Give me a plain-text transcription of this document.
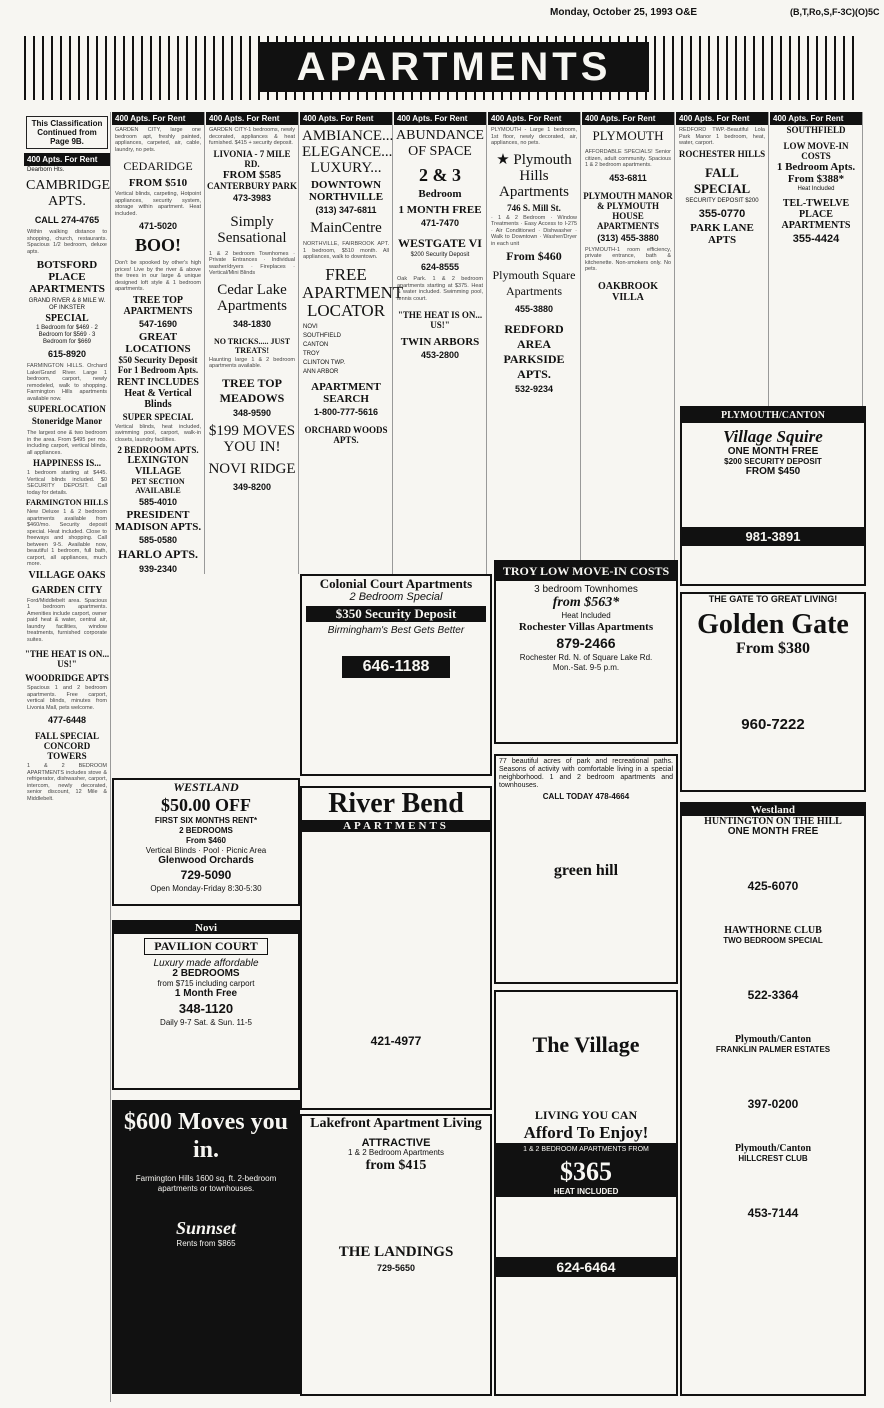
Monday, October 25, 1993 O&E	(B,T,Ro,S,F-3C)(O)5C
APARTMENTS
This Classification Continued from Page 9B.
400 Apts. For Rent
Dearborn Hts.
CAMBRIDGE APTS.
CALL 274-4765
Within walking distance to shopping, church, restaurants. Spacious 1/2 bedroom, deluxe apts.
BOTSFORD PLACE APARTMENTS
GRAND RIVER & 8 MILE W. OF INKSTER
SPECIAL
1 Bedroom for $469 · 2 Bedroom for $569 · 3 Bedroom for $669
615-8920
FARMINGTON HILLS. Orchard Lake/Grand River. Large 1 bedroom, carport, newly remodeled, walk to shopping. Farmington Hills apartments available now.
SUPERLOCATION
Stoneridge Manor
The largest one & two bedroom in the area. From $495 per mo. including carport, vertical blinds, all appliances.
HAPPINESS IS...
1 bedroom starting at $445. Vertical blinds included. $0 SECURITY DEPOSIT. Call today for details.
FARMINGTON HILLS
New Deluxe 1 & 2 bedroom apartments available from $460/mo. Security deposit special. Heat included. Close to freeways and shopping. Call between 9-5. Available now, beautiful 1 bedroom, full bath, carport, all appliances, much more.
VILLAGE OAKS
GARDEN CITY
Ford/Middlebelt area. Spacious 1 bedroom apartments. Amenities include carport, owner paid heat & water, central air, laundry facilities, window treatments, furnished corporate suites.
"THE HEAT IS ON... US!"
WOODRIDGE APTS
Spacious 1 and 2 bedroom apartments. Free carport, vertical blinds, minutes from Livonia Mall, pets welcome.
477-6448
FALL SPECIAL
CONCORD TOWERS
1 & 2 BEDROOM APARTMENTS includes stove & refrigerator, dishwasher, carport, intercom, newly decorated, senior discount, 12 Mile & Middlebelt.
400 Apts. For Rent
GARDEN CITY, large one bedroom apt, freshly painted, appliances, carpeted, air, cable, laundry, no pets.
CEDARIDGE
FROM $510
Vertical blinds, carpeting, Hotpoint appliances, security system, storage within apartment. Heat included.
471-5020
BOO!
Don't be spooked by other's high prices! Live by the river & above the trees in our large & unique designed loft style & 1 bedroom apartments.
TREE TOP APARTMENTS
547-1690
GREAT LOCATIONS
$50 Security Deposit
For 1 Bedroom Apts.
RENT INCLUDES Heat & Vertical Blinds
SUPER SPECIAL
Vertical blinds, heat included, swimming pool, carport, walk-in closets, laundry facilities.
2 BEDROOM APTS.
LEXINGTON VILLAGE
PET SECTION AVAILABLE
585-4010
PRESIDENT MADISON APTS.
585-0580
HARLO APTS.
939-2340
400 Apts. For Rent
GARDEN CITY-1 bedrooms, newly decorated, appliances & heat furnished. $415 + security deposit.
LIVONIA - 7 MILE RD.
FROM $585
CANTERBURY PARK
473-3983
Simply Sensational
1 & 2 bedroom Townhomes · Private Entrances · Individual washer/dryers · Fireplaces · Vertical/Mini Blinds
Cedar Lake Apartments
348-1830
NO TRICKS..... JUST TREATS!
Haunting large 1 & 2 bedroom apartments available.
TREE TOP MEADOWS
348-9590
$199 MOVES YOU IN!
NOVI RIDGE
349-8200
400 Apts. For Rent
AMBIANCE... ELEGANCE... LUXURY...
DOWNTOWN NORTHVILLE
(313) 347-6811
MainCentre
NORTHVILLE, FAIRBROOK APT. 1 bedroom, $510 month. All appliances, walk to downtown.
FREE APARTMENT LOCATOR
NOVI
SOUTHFIELD
CANTON
TROY
CLINTON TWP.
ANN ARBOR
APARTMENT SEARCH
1-800-777-5616
ORCHARD WOODS APTS.
400 Apts. For Rent
ABUNDANCE OF SPACE
2 & 3
Bedroom
1 MONTH FREE
471-7470
WESTGATE VI
$200 Security Deposit
624-8555
Oak Park. 1 & 2 bedroom apartments starting at $375. Heat & water included. Swimming pool, tennis court.
"THE HEAT IS ON... US!"
TWIN ARBORS
453-2800
400 Apts. For Rent
PLYMOUTH - Large 1 bedroom, 1st floor, newly decorated, air, appliances, no pets.
★ Plymouth Hills Apartments
746 S. Mill St.
· 1 & 2 Bedroom · Window Treatments · Easy Access to I-275 · Air Conditioned · Dishwasher · Walk to Downtown · Washer/Dryer in each unit
From $460
Plymouth Square Apartments
455-3880
REDFORD AREA
PARKSIDE APTS.
532-9234
400 Apts. For Rent
PLYMOUTH
AFFORDABLE SPECIALS! Senior citizen, adult community. Spacious 1 & 2 bedroom apartments.
453-6811
PLYMOUTH MANOR & PLYMOUTH HOUSE APARTMENTS
(313) 455-3880
PLYMOUTH-1 room efficiency, private entrance, bath & kitchenette. Non-smokers only. No pets.
OAKBROOK VILLA
400 Apts. For Rent
REDFORD TWP.-Beautiful Lola Park Manor 1 bedroom, heat, water, carport.
ROCHESTER HILLS
FALL SPECIAL
SECURITY DEPOSIT $200
355-0770
PARK LANE APTS
400 Apts. For Rent
SOUTHFIELD
LOW MOVE-IN COSTS
1 Bedroom Apts. From $388*
Heat Included
TEL-TWELVE PLACE APARTMENTS
355-4424
WESTLAND
$50.00 OFF
FIRST SIX MONTHS RENT*
2 BEDROOMS
From $460
Vertical Blinds · Pool · Picnic Area
Glenwood Orchards
729-5090
Open Monday-Friday 8:30-5:30
Novi
PAVILION COURT
Luxury made affordable
2 BEDROOMS
from $715 including carport
1 Month Free
348-1120
Daily 9-7 Sat. & Sun. 11-5
$600 Moves you in.
Farmington Hills 1600 sq. ft. 2-bedroom apartments or townhouses.
Sunnset
Rents from $865
Colonial Court Apartments
2 Bedroom Special
$350 Security Deposit
Birmingham's Best Gets Better
646-1188
River Bend
APARTMENTS
421-4977
Lakefront Apartment Living
ATTRACTIVE
1 & 2 Bedroom Apartments
from $415
THE LANDINGS
729-5650
TROY LOW MOVE-IN COSTS
3 bedroom Townhomes
from $563*
Heat Included
Rochester Villas Apartments
879-2466
Rochester Rd. N. of Square Lake Rd.
Mon.-Sat. 9-5 p.m.
77 beautiful acres of park and recreational paths. Seasons of activity with comfortable living in a special neighborhood. 1 and 2 bedroom apartments and townhouses.
CALL TODAY 478-4664
green hill
The Village
LIVING YOU CAN
Afford To Enjoy!
1 & 2 BEDROOM APARTMENTS FROM
$365
HEAT INCLUDED
624-6464
PLYMOUTH/CANTON
Village Squire
ONE MONTH FREE
$200 SECURITY DEPOSIT
FROM $450
981-3891
THE GATE TO GREAT LIVING!
Golden Gate
From $380
960-7222
Westland
HUNTINGTON ON THE HILL
ONE MONTH FREE
425-6070
HAWTHORNE CLUB
TWO BEDROOM SPECIAL
522-3364
Plymouth/Canton
FRANKLIN PALMER ESTATES
397-0200
Plymouth/Canton
HILLCREST CLUB
453-7144
